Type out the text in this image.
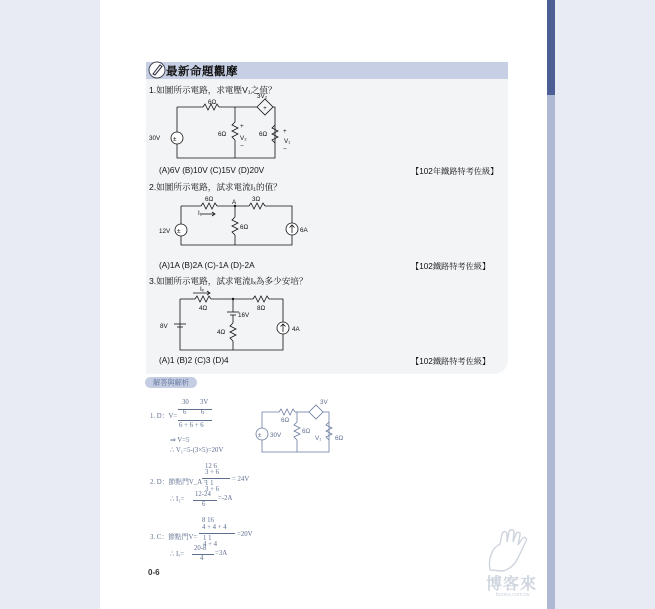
最新命題觀摩
1.如圖所示電路，求電壓V₁之值？
±
+
6Ω
3V₂
30V
6Ω
V₂
6Ω
V₁
+
−
+
−
(A)6V (B)10V (C)15V (D)20V	【102年鐵路特考佐級】
2.如圖所示電路，試求電流I₁的值？
±
6Ω
I₁
A	3Ω
12V
6Ω	6A
(A)1A (B)2A (C)-1A (D)-2A	【102鐵路特考佐級】
3.如圖所示電路，試求電流Iₓ為多少安培？
Iₓ
4Ω	8Ω
8V
16V
4Ω	4A
(A)1 (B)2 (C)3 (D)4	【102鐵路特考佐級】
解答與解析
1. D：V=
30 3V
6 6
6 + 6 + 6
⇒ V=5
∴ V₁=5-(3×5)=20V
±
6Ω
3V
30V
6Ω
V₁ 6Ω
2. D：節點門V_A =
12 6
3 + 6
1 1
3 + 6
= 24V
∴ I₁=
12-24
6
=-2A
3. C：節點門V=
8 16
4 + 4 + 4
1 1
4 + 4
=20V
∴ Iₓ=
20-8
4
=3A
0-6
博客來
books.com.tw
